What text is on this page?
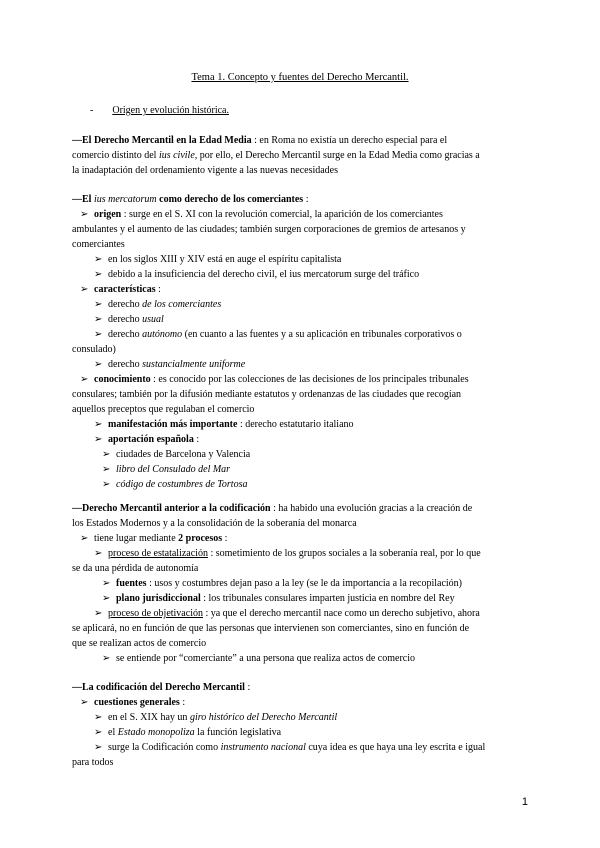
Tema 1. Concepto y fuentes del Derecho Mercantil.
- Origen y evolución histórica.

—El Derecho Mercantil en la Edad Media : en Roma no existía un derecho especial para el

comercio distinto del ius civile, por ello, el Derecho Mercantil surge en la Edad Media como gracias a

la inadaptación del ordenamiento vigente a las nuevas necesidades

—El ius mercatorum como derecho de los comerciantes :

➢ origen : surge en el S. XI con la revolución comercial, la aparición de los comerciantes

ambulantes y el aumento de las ciudades; también surgen corporaciones de gremios de artesanos y

comerciantes

➢ en los siglos XIII y XIV está en auge el espíritu capitalista

➢ debido a la insuficiencia del derecho civil, el ius mercatorum surge del tráfico

➢ características :

➢ derecho de los comerciantes

➢ derecho usual

➢ derecho autónomo (en cuanto a las fuentes y a su aplicación en tribunales corporativos o

consulado)

➢ derecho sustancialmente uniforme

➢ conocimiento : es conocido por las colecciones de las decisiones de los principales tribunales

consulares; también por la difusión mediante estatutos y ordenanzas de las ciudades que recogían

aquellos preceptos que regulaban el comercio

➢ manifestación más importante : derecho estatutario italiano

➢ aportación española :

➢ ciudades de Barcelona y Valencia

➢ libro del Consulado del Mar

➢ código de costumbres de Tortosa

—Derecho Mercantil anterior a la codificación : ha habido una evolución gracias a la creación de

los Estados Modernos y a la consolidación de la soberanía del monarca

➢ tiene lugar mediante 2 procesos :

➢ proceso de estatalización : sometimiento de los grupos sociales a la soberanía real, por lo que

se da una pérdida de autonomía

➢ fuentes : usos y costumbres dejan paso a la ley (se le da importancia a la recopilación)

➢ plano jurisdiccional : los tribunales consulares imparten justicia en nombre del Rey

➢ proceso de objetivación : ya que el derecho mercantil nace como un derecho subjetivo, ahora

se aplicará, no en función de que las personas que intervienen son comerciantes, sino en función de

que se realizan actos de comercio

➢ se entiende por “comerciante” a una persona que realiza actos de comercio

—La codificación del Derecho Mercantil :

➢ cuestiones generales :

➢ en el S. XIX hay un giro histórico del Derecho Mercantil

➢ el Estado monopoliza la función legislativa

➢ surge la Codificación como instrumento nacional cuya idea es que haya una ley escrita e igual

para todos

1
